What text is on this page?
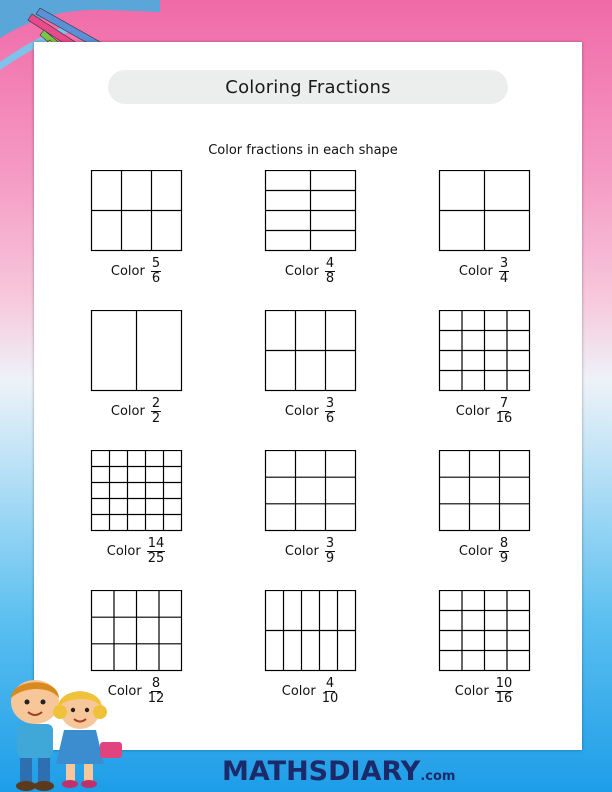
Coloring Fractions
Color fractions in each shape
Color $\frac{5}{6}$	Color $\frac{4}{8}$	Color $\frac{3}{4}$
Color $\frac{2}{2}$	Color $\frac{3}{6}$	Color $\frac{7}{16}$
Color $\frac{14}{25}$	Color $\frac{3}{9}$	Color $\frac{8}{9}$
Color $\frac{8}{12}$	Color $\frac{4}{10}$	Color $\frac{10}{16}$
MATHSDIARY.com
